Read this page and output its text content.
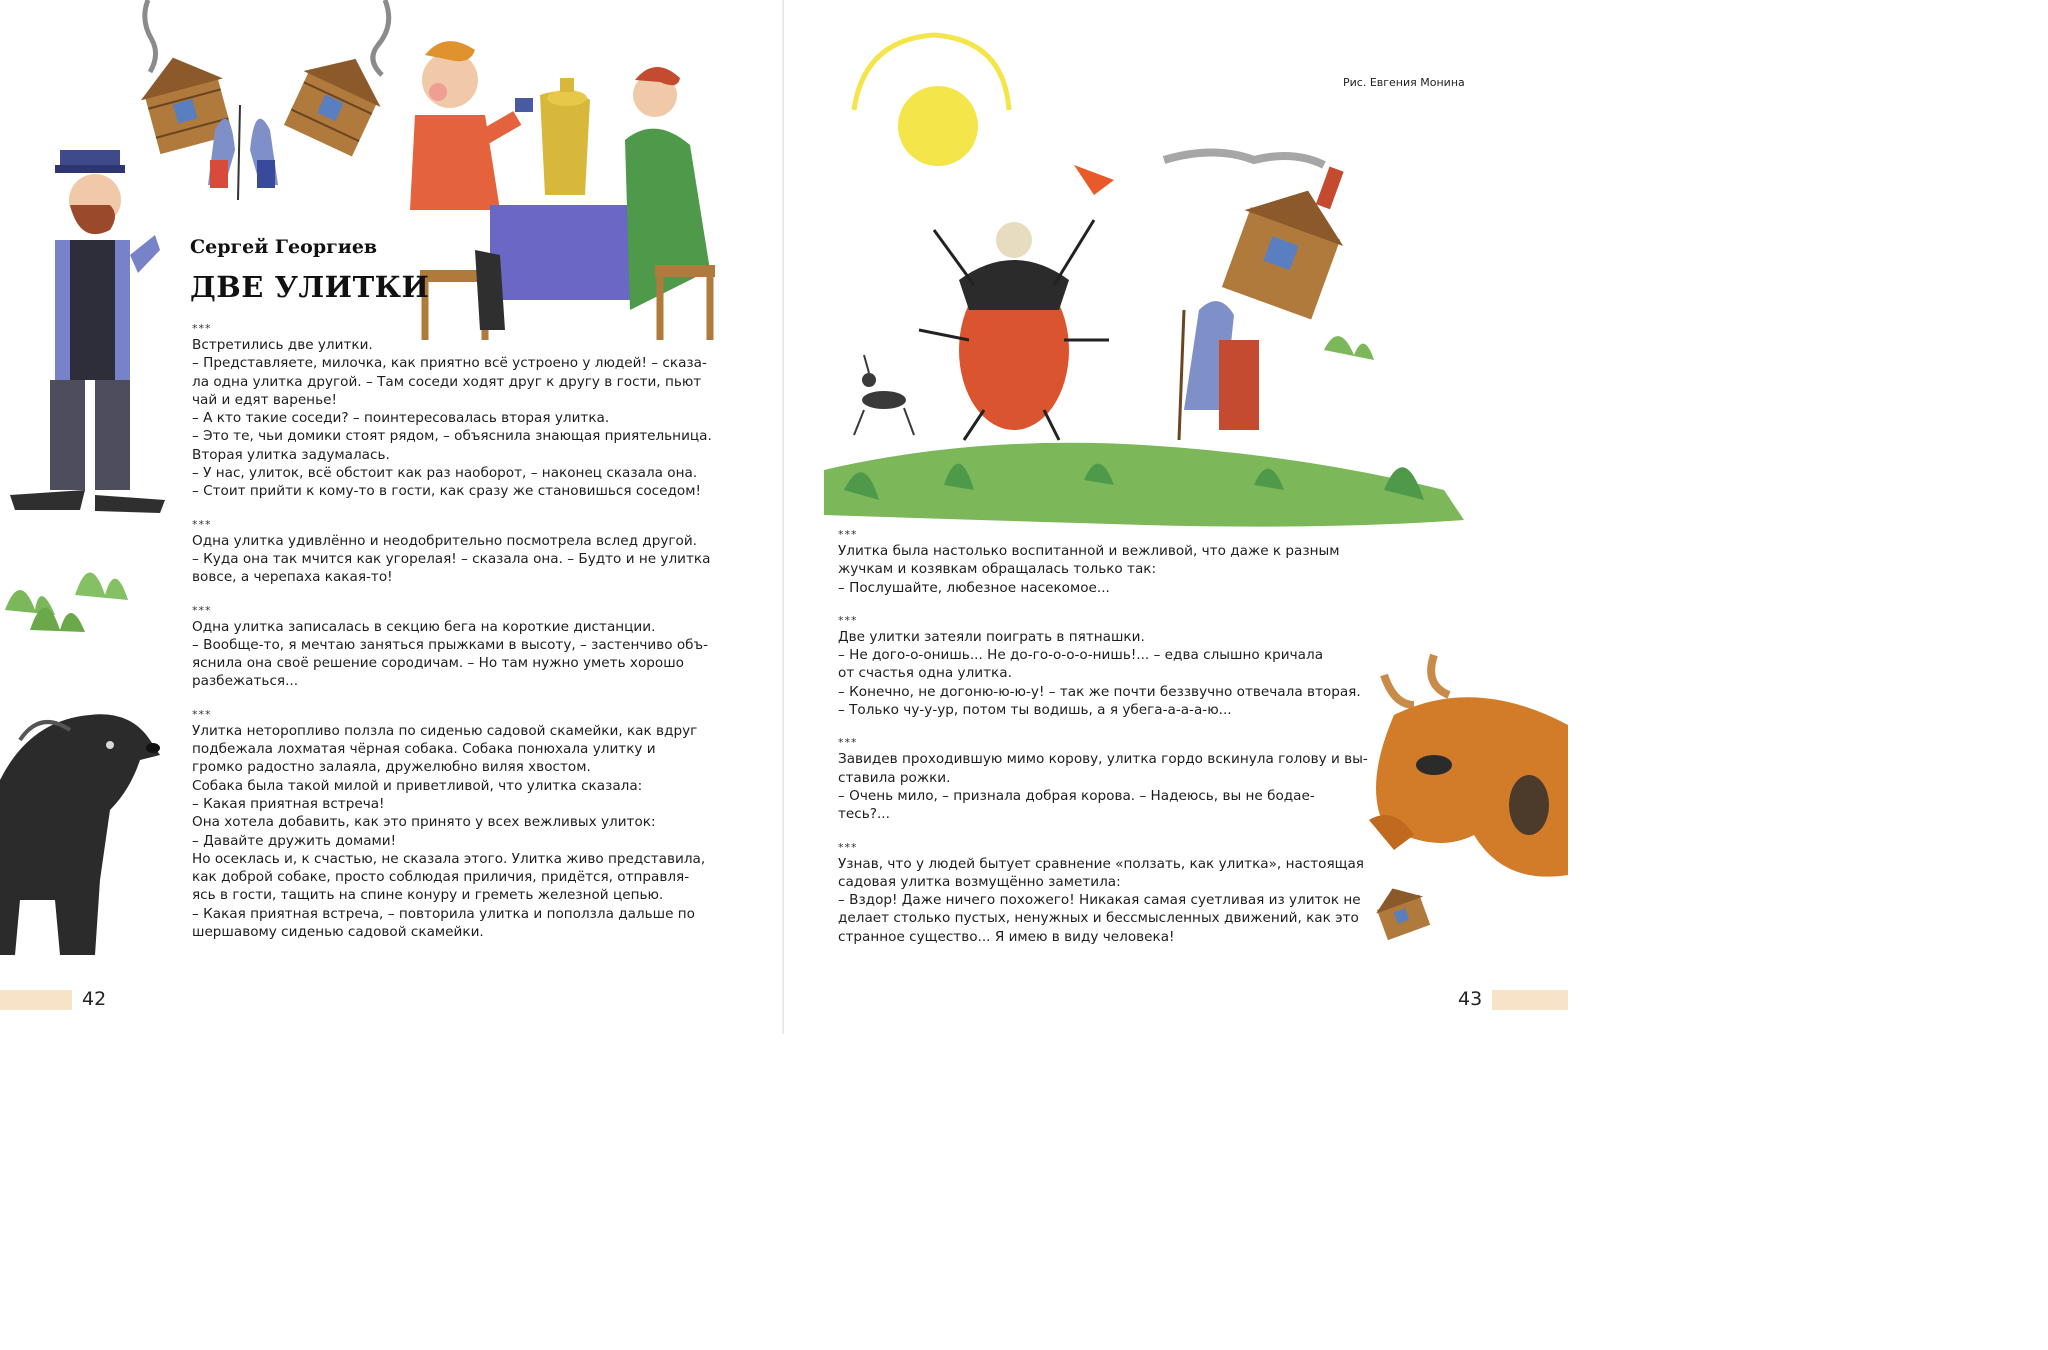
Сергей Георгиев
ДВЕ УЛИТКИ

***

Встретились две улитки.

– Представляете, милочка, как приятно всё устроено у людей! – сказа-

ла одна улитка другой. – Там соседи ходят друг к другу в гости, пьют

чай и едят варенье!

– А кто такие соседи? – поинтересовалась вторая улитка.

– Это те, чьи домики стоят рядом, – объяснила знающая приятельница.

Вторая улитка задумалась.

– У нас, улиток, всё обстоит как раз наоборот, – наконец сказала она.

– Стоит прийти к кому-то в гости, как сразу же становишься соседом!

***

Одна улитка удивлённо и неодобрительно посмотрела вслед другой.

– Куда она так мчится как угорелая! – сказала она. – Будто и не улитка

вовсе, а черепаха какая-то!

***

Одна улитка записалась в секцию бега на короткие дистанции.

– Вообще-то, я мечтаю заняться прыжками в высоту, – застенчиво объ-

яснила она своё решение сородичам. – Но там нужно уметь хорошо

разбежаться...

***

Улитка неторопливо ползла по сиденью садовой скамейки, как вдруг

подбежала лохматая чёрная собака. Собака понюхала улитку и

громко радостно залаяла, дружелюбно виляя хвостом.

Собака была такой милой и приветливой, что улитка сказала:

– Какая приятная встреча!

Она хотела добавить, как это принято у всех вежливых улиток:

– Давайте дружить домами!

Но осеклась и, к счастью, не сказала этого. Улитка живо представила,

как доброй собаке, просто соблюдая приличия, придётся, отправля-

ясь в гости, тащить на спине конуру и греметь железной цепью.

– Какая приятная встреча, – повторила улитка и поползла дальше по

шершавому сиденью садовой скамейки.

42
Рис. Евгения Монина

***

Улитка была настолько воспитанной и вежливой, что даже к разным

жучкам и козявкам обращалась только так:

– Послушайте, любезное насекомое...

***

Две улитки затеяли поиграть в пятнашки.

– Не дого-о-онишь... Не до-го-о-о-о-нишь!... – едва слышно кричала

от счастья одна улитка.

– Конечно, не догоню-ю-ю-у! – так же почти беззвучно отвечала вторая.

– Только чу-у-ур, потом ты водишь, а я убега-а-а-а-ю...

***

Завидев проходившую мимо корову, улитка гордо вскинула голову и вы-

ставила рожки.

– Очень мило, – признала добрая корова. – Надеюсь, вы не бодае-

тесь?...

***

Узнав, что у людей бытует сравнение «ползать, как улитка», настоящая

садовая улитка возмущённо заметила:

– Вздор! Даже ничего похожего! Никакая самая суетливая из улиток не

делает столько пустых, ненужных и бессмысленных движений, как это

странное существо... Я имею в виду человека!

43
